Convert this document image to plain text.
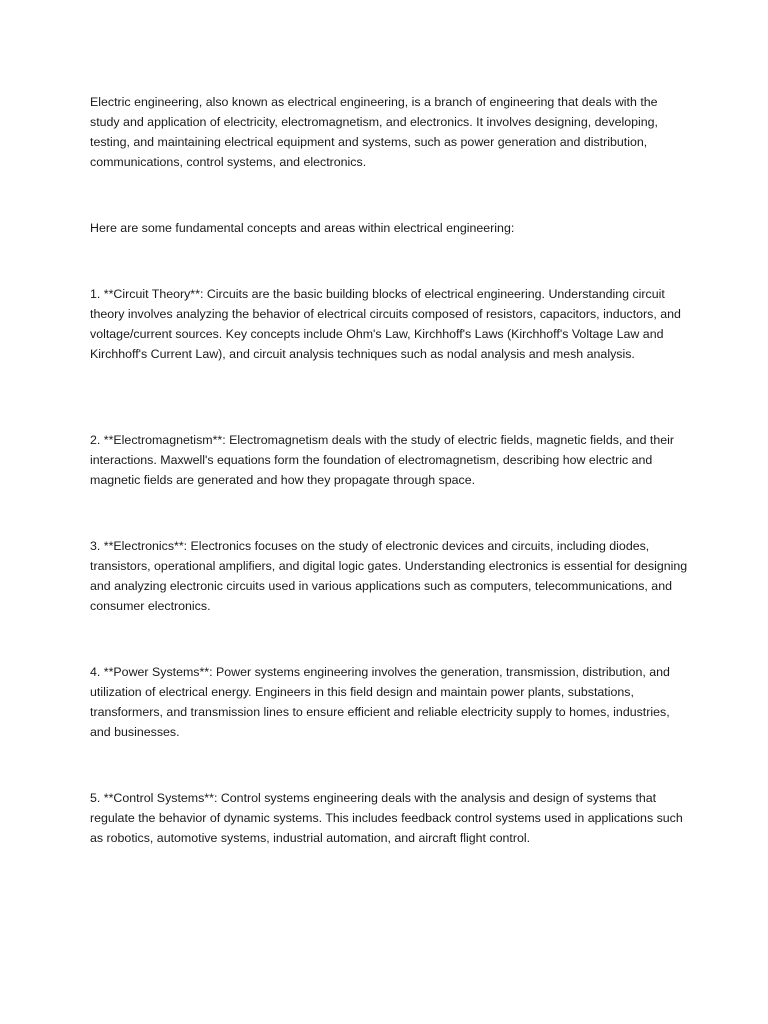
Electric engineering, also known as electrical engineering, is a branch of engineering that deals with the study and application of electricity, electromagnetism, and electronics. It involves designing, developing, testing, and maintaining electrical equipment and systems, such as power generation and distribution, communications, control systems, and electronics.

Here are some fundamental concepts and areas within electrical engineering:

1. **Circuit Theory**: Circuits are the basic building blocks of electrical engineering. Understanding circuit theory involves analyzing the behavior of electrical circuits composed of resistors, capacitors, inductors, and voltage/current sources. Key concepts include Ohm's Law, Kirchhoff's Laws (Kirchhoff's Voltage Law and Kirchhoff's Current Law), and circuit analysis techniques such as nodal analysis and mesh analysis.

2. **Electromagnetism**: Electromagnetism deals with the study of electric fields, magnetic fields, and their interactions. Maxwell's equations form the foundation of electromagnetism, describing how electric and magnetic fields are generated and how they propagate through space.

3. **Electronics**: Electronics focuses on the study of electronic devices and circuits, including diodes, transistors, operational amplifiers, and digital logic gates. Understanding electronics is essential for designing and analyzing electronic circuits used in various applications such as computers, telecommunications, and consumer electronics.

4. **Power Systems**: Power systems engineering involves the generation, transmission, distribution, and utilization of electrical energy. Engineers in this field design and maintain power plants, substations, transformers, and transmission lines to ensure efficient and reliable electricity supply to homes, industries, and businesses.

5. **Control Systems**: Control systems engineering deals with the analysis and design of systems that regulate the behavior of dynamic systems. This includes feedback control systems used in applications such as robotics, automotive systems, industrial automation, and aircraft flight control.
